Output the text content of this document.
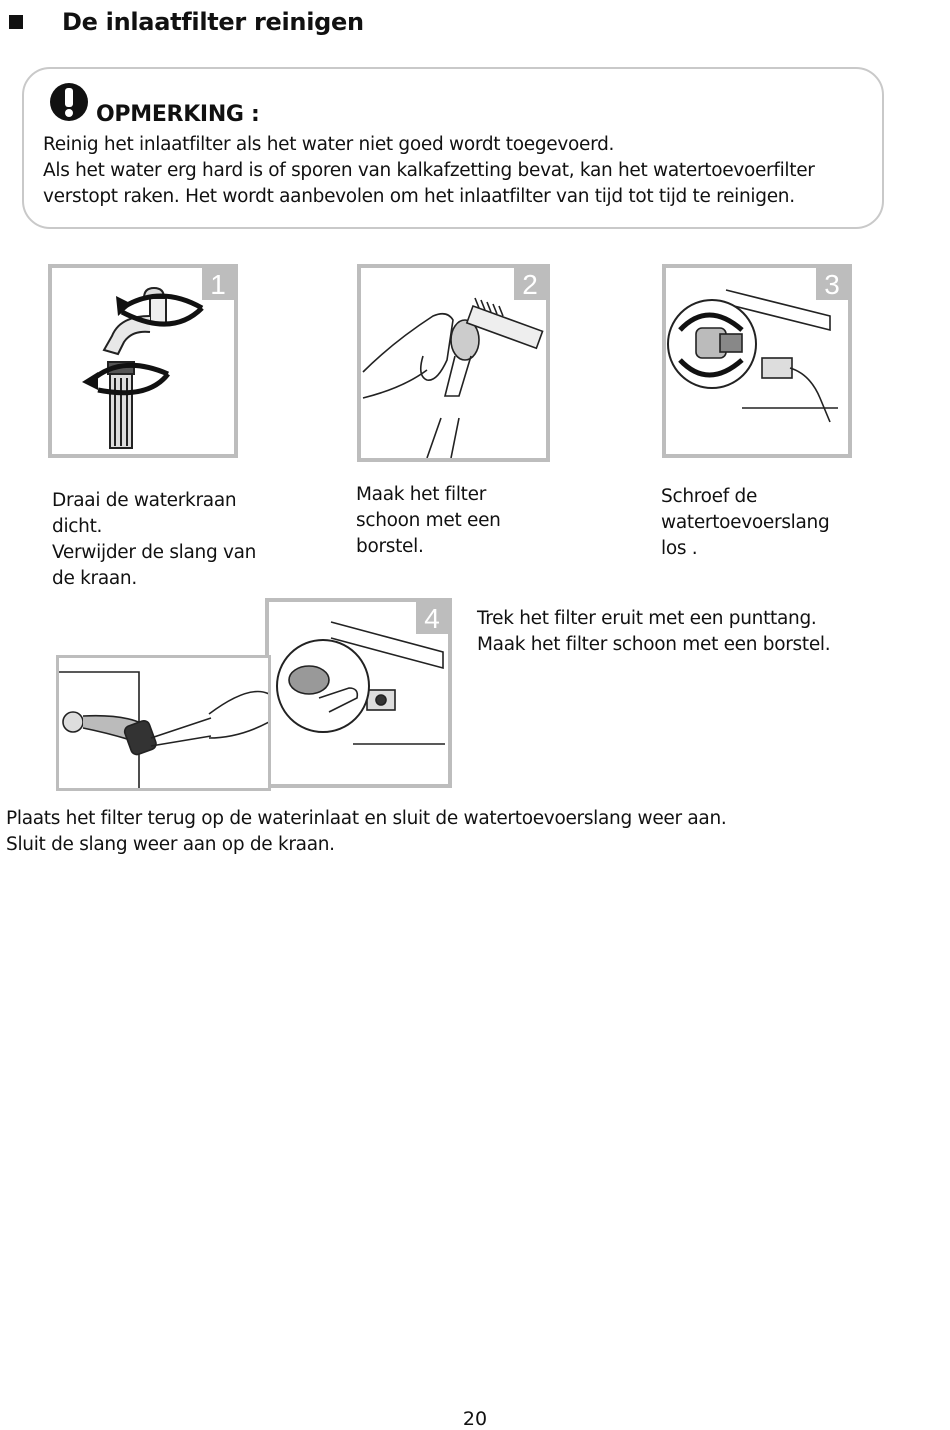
De inlaatfilter reinigen
OPMERKING :
Reinig het inlaatfilter als het water niet goed wordt toegevoerd.
Als het water erg hard is of sporen van kalkafzetting bevat, kan het watertoevoerfilter
verstopt raken. Het wordt aanbevolen om het inlaatfilter van tijd tot tijd te reinigen.
1	2	3
Draai de waterkraan
dicht.
Verwijder de slang van
de kraan.
Maak het filter
schoon met een
borstel.
Schroef de
watertoevoerslang
los .
4	Trek het filter eruit met een punttang.
Maak het filter schoon met een borstel.
Plaats het filter terug op de waterinlaat en sluit de watertoevoerslang weer aan.
Sluit de slang weer aan op de kraan.
20
